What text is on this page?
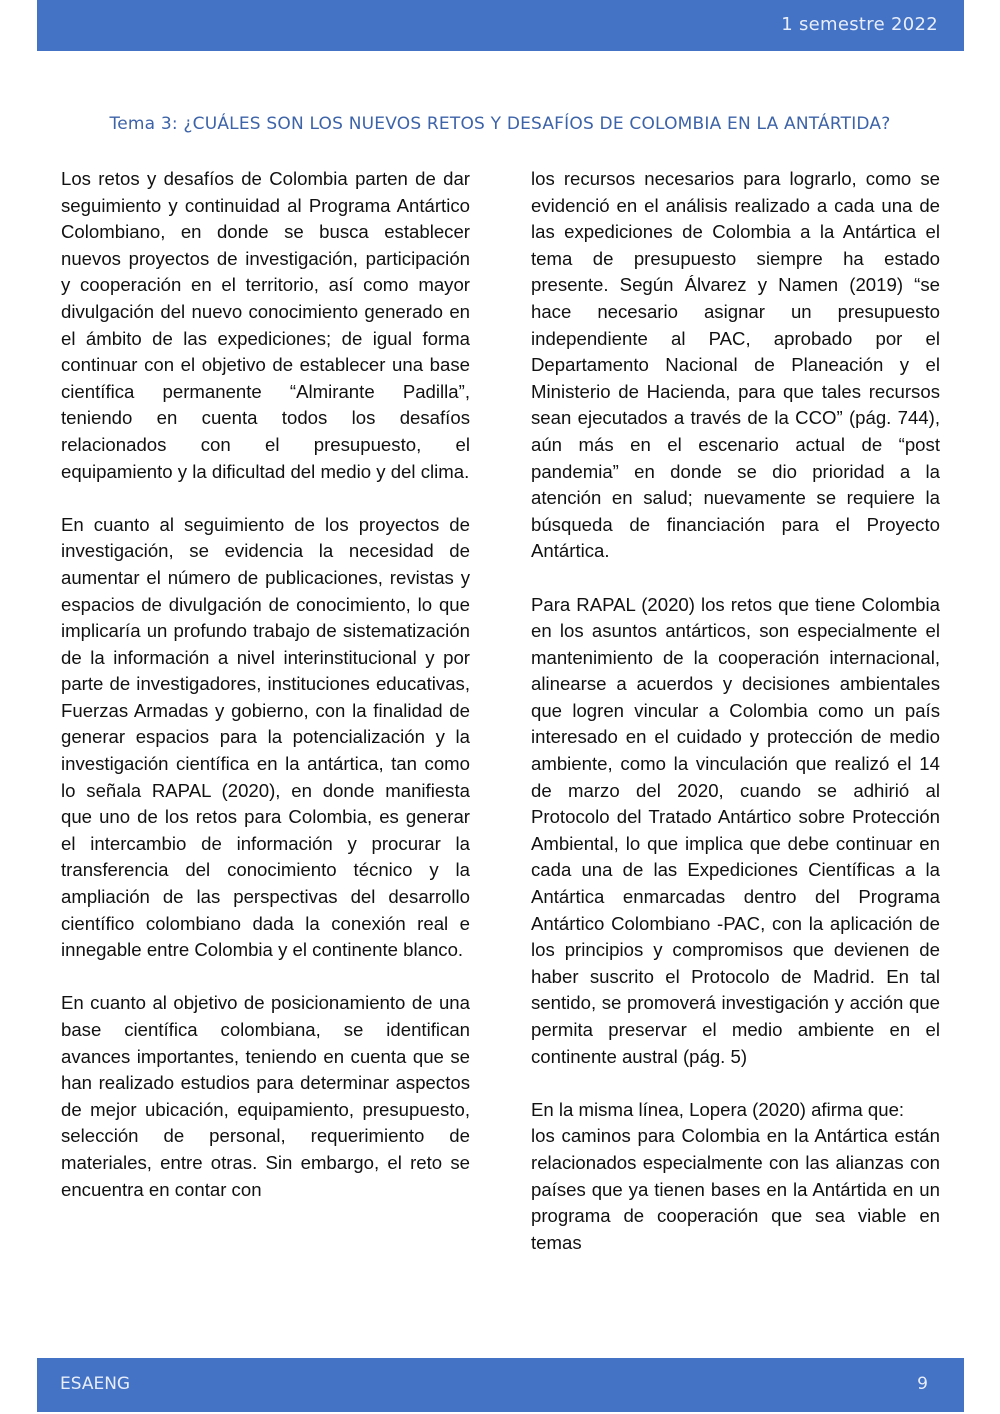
1 semestre 2022
Tema 3: ¿CUÁLES SON LOS NUEVOS RETOS Y DESAFÍOS DE COLOMBIA EN LA ANTÁRTIDA?

Los retos y desafíos de Colombia parten de dar seguimiento y continuidad al Programa Antártico Colombiano, en donde se busca establecer nuevos proyectos de investigación, participación y cooperación en el territorio, así como mayor divulgación del nuevo conocimiento generado en el ámbito de las expediciones; de igual forma continuar con el objetivo de establecer una base científica permanente “Almirante Padilla”, teniendo en cuenta todos los desafíos relacionados con el presupuesto, el equipamiento y la dificultad del medio y del clima.

En cuanto al seguimiento de los proyectos de investigación, se evidencia la necesidad de aumentar el número de publicaciones, revistas y espacios de divulgación de conocimiento, lo que implicaría un profundo trabajo de sistematización de la información a nivel interinstitucional y por parte de investigadores, instituciones educativas, Fuerzas Armadas y gobierno, con la finalidad de generar espacios para la potencialización y la investigación científica en la antártica, tan como lo señala RAPAL (2020), en donde manifiesta que uno de los retos para Colombia, es generar el intercambio de información y procurar la transferencia del conocimiento técnico y la ampliación de las perspectivas del desarrollo científico colombiano dada la conexión real e innegable entre Colombia y el continente blanco.

En cuanto al objetivo de posicionamiento de una base científica colombiana, se identifican avances importantes, teniendo en cuenta que se han realizado estudios para determinar aspectos de mejor ubicación, equipamiento, presupuesto, selección de personal, requerimiento de materiales, entre otras. Sin embargo, el reto se encuentra en contar con

los recursos necesarios para lograrlo, como se evidenció en el análisis realizado a cada una de las expediciones de Colombia a la Antártica el tema de presupuesto siempre ha estado presente. Según Álvarez y Namen (2019) “se hace necesario asignar un presupuesto independiente al PAC, aprobado por el Departamento Nacional de Planeación y el Ministerio de Hacienda, para que tales recursos sean ejecutados a través de la CCO” (pág. 744), aún más en el escenario actual de “post pandemia” en donde se dio prioridad a la atención en salud; nuevamente se requiere la búsqueda de financiación para el Proyecto Antártica.

Para RAPAL (2020) los retos que tiene Colombia en los asuntos antárticos, son especialmente el mantenimiento de la cooperación internacional, alinearse a acuerdos y decisiones ambientales que logren vincular a Colombia como un país interesado en el cuidado y protección de medio ambiente, como la vinculación que realizó el 14 de marzo del 2020, cuando se adhirió al Protocolo del Tratado Antártico sobre Protección Ambiental, lo que implica que debe continuar en cada una de las Expediciones Científicas a la Antártica enmarcadas dentro del Programa Antártico Colombiano -PAC, con la aplicación de los principios y compromisos que devienen de haber suscrito el Protocolo de Madrid. En tal sentido, se promoverá investigación y acción que permita preservar el medio ambiente en el continente austral (pág. 5)

En la misma línea, Lopera (2020) afirma que:

los caminos para Colombia en la Antártica están relacionados especialmente con las alianzas con países que ya tienen bases en la Antártida en un programa de cooperación que sea viable en temas

ESAENG	9
